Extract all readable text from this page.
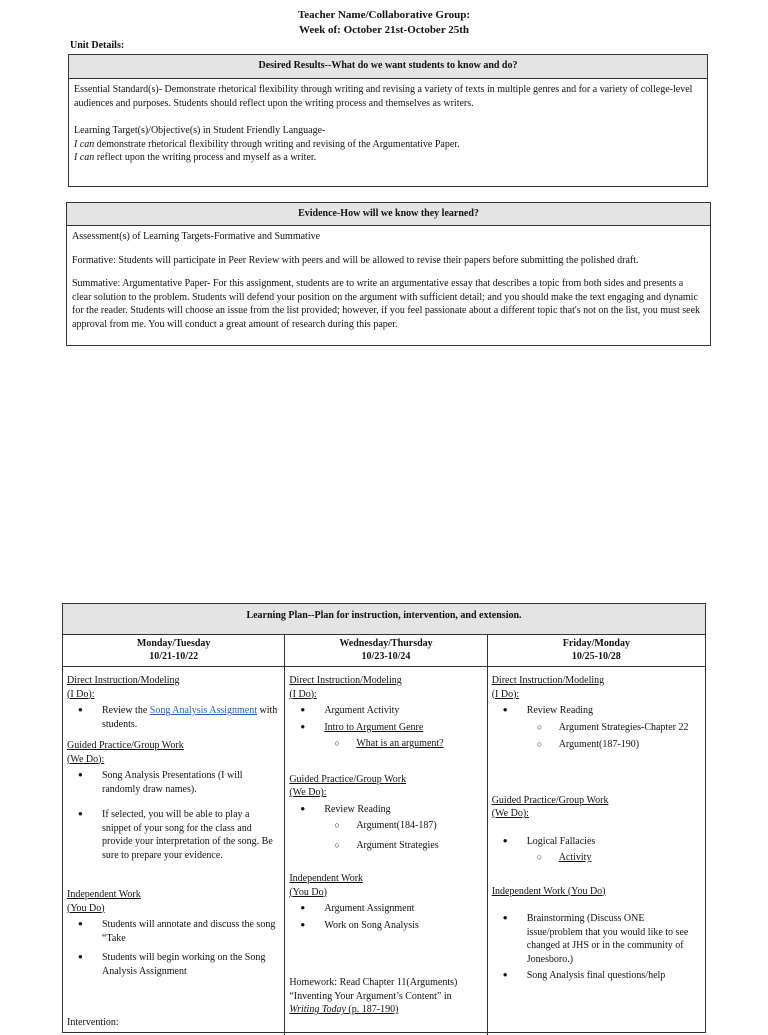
Teacher Name/Collaborative Group:
Week of: October 21st-October 25th
Unit Details:
Desired Results--What do we want students to know and do?

Essential Standard(s)- Demonstrate rhetorical flexibility through writing and revising a variety of texts in multiple genres and for a variety of college-level audiences and purposes. Students should reflect upon the writing process and themselves as writers.

Learning Target(s)/Objective(s) in Student Friendly Language-

I can demonstrate rhetorical flexibility through writing and revising of the Argumentative Paper.

I can reflect upon the writing process and myself as a writer.

Evidence-How will we know they learned?

Assessment(s) of Learning Targets-Formative and Summative

Formative: Students will participate in Peer Review with peers and will be allowed to revise their papers before submitting the polished draft.

Summative: Argumentative Paper- For this assignment, students are to write an argumentative essay that describes a topic from both sides and presents a clear solution to the problem. Students will defend your position on the argument with sufficient detail; and you should make the text engaging and dynamic for the reader. Students will choose an issue from the list provided; however, if you feel passionate about a different topic that's not on the list, you must seek approval from me. You will conduct a great amount of research during this paper.

Learning Plan--Plan for instruction, intervention, and extension.
Monday/Tuesday
10/21-10/22
Direct Instruction/Modeling
(I Do):
● Review the Song Analysis Assignment with students.
Guided Practice/Group Work
(We Do):
● Song Analysis Presentations (I will randomly draw names).
● If selected, you will be able to play a snippet of your song for the class and provide your interpretation of the song. Be sure to prepare your evidence.
Independent Work
(You Do)
● Students will annotate and discuss the song “Take
● Students will begin working on the Song Analysis Assignment
Intervention:
Wednesday/Thursday
10/23-10/24
Direct Instruction/Modeling
(I Do):
● Argument Activity
● Intro to Argument Genre
○ What is an argument?
Guided Practice/Group Work
(We Do):
● Review Reading
○ Argument(184-187)
○ Argument Strategies
Independent Work
(You Do)
● Argument Assignment
● Work on Song Analysis
Homework: Read Chapter 11(Arguments)
“Inventing Your Argument’s Content” in
Writing Today (p. 187-190)
Friday/Monday
10/25-10/28
Direct Instruction/Modeling
(I Do):
● Review Reading
○ Argument Strategies-Chapter 22
○ Argument(187-190)
Guided Practice/Group Work
(We Do):
● Logical Fallacies
○ Activity
Independent Work (You Do)
● Brainstorming (Discuss ONE issue/problem that you would like to see changed at JHS or in the community of Jonesboro.)
● Song Analysis final questions/help
